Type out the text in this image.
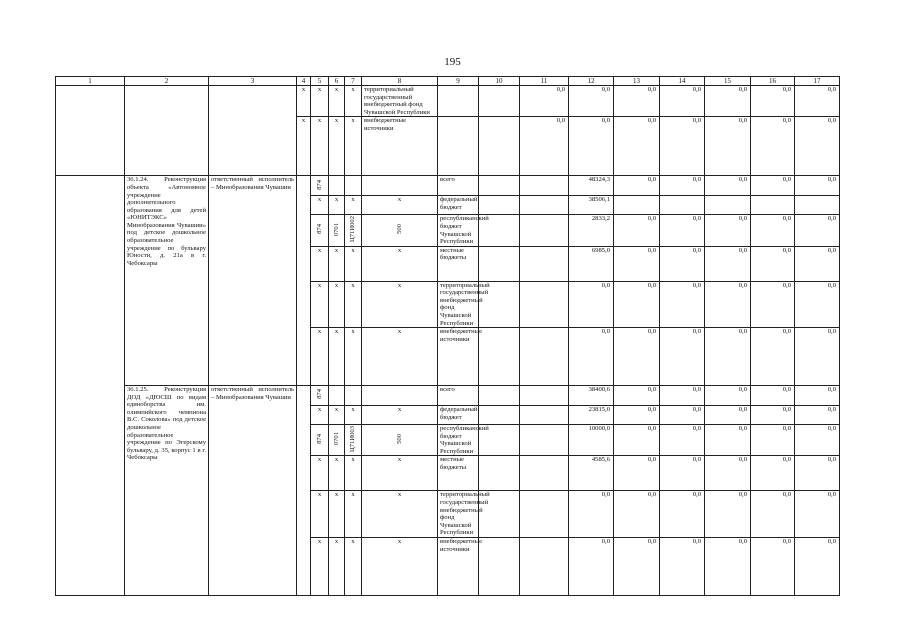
195
1	2	3	4	5	6	7	8	9	10	11	12	13	14	15	16	17	
			х	х	х	х	территориальный государственный внебюджетный фонд Чувашской Республики			0,0	0,0	0,0	0,0	0,0	0,0	0,0	
			х	х	х	х	внебюджетные источники			0,0	0,0	0,0	0,0	0,0	0,0	0,0	
	36.1.24. Реконструкция объекта «Автономное учреждение дополнительного образования для детей «ЮНИТЭКС» Минобразования Чувашии» под детское дошкольное образовательное учреждение по бульвару Юности, д. 21а в г. Чебоксары	ответственный исполнитель – Минобразования Чувашии		874				всего			48324,3	0,0	0,0	0,0	0,0	0,0	
				х	х	х	х	федеральный бюджет			38506,1						
				874	0701	Ц71И002	500	республиканский бюджет Чувашской Республики			2833,2	0,0	0,0	0,0	0,0	0,0	
				х	х	х	х	местные бюджеты			6985,0	0,0	0,0	0,0	0,0	0,0	
				х	х	х	х	территориальный государственный внебюджетный фонд Чувашской Республики			0,0	0,0	0,0	0,0	0,0	0,0	
				х	х	х	х	внебюджетные источники			0,0	0,0	0,0	0,0	0,0	0,0	
	36.1.25. Реконструкция ДОД «ДЮСШ по видам единоборства им. олимпийского чемпиона В.С. Соколова» под детское дошкольное образовательное учреждение по Эгерскому бульвару, д. 35, корпус 1 в г. Чебоксары	ответственный исполнитель – Минобразования Чувашии		874				всего			38400,6	0,0	0,0	0,0	0,0	0,0	
				х	х	х	х	федеральный бюджет			23815,0	0,0	0,0	0,0	0,0	0,0	
				874	0701	Ц71И003	500	республиканский бюджет Чувашской Республики			10000,0	0,0	0,0	0,0	0,0	0,0	
				х	х	х	х	местные бюджеты			4585,6	0,0	0,0	0,0	0,0	0,0	
				х	х	х	х	территориальный государственный внебюджетный фонд Чувашской Республики			0,0	0,0	0,0	0,0	0,0	0,0	
				х	х	х	х	внебюджетные источники			0,0	0,0	0,0	0,0	0,0	0,0	
